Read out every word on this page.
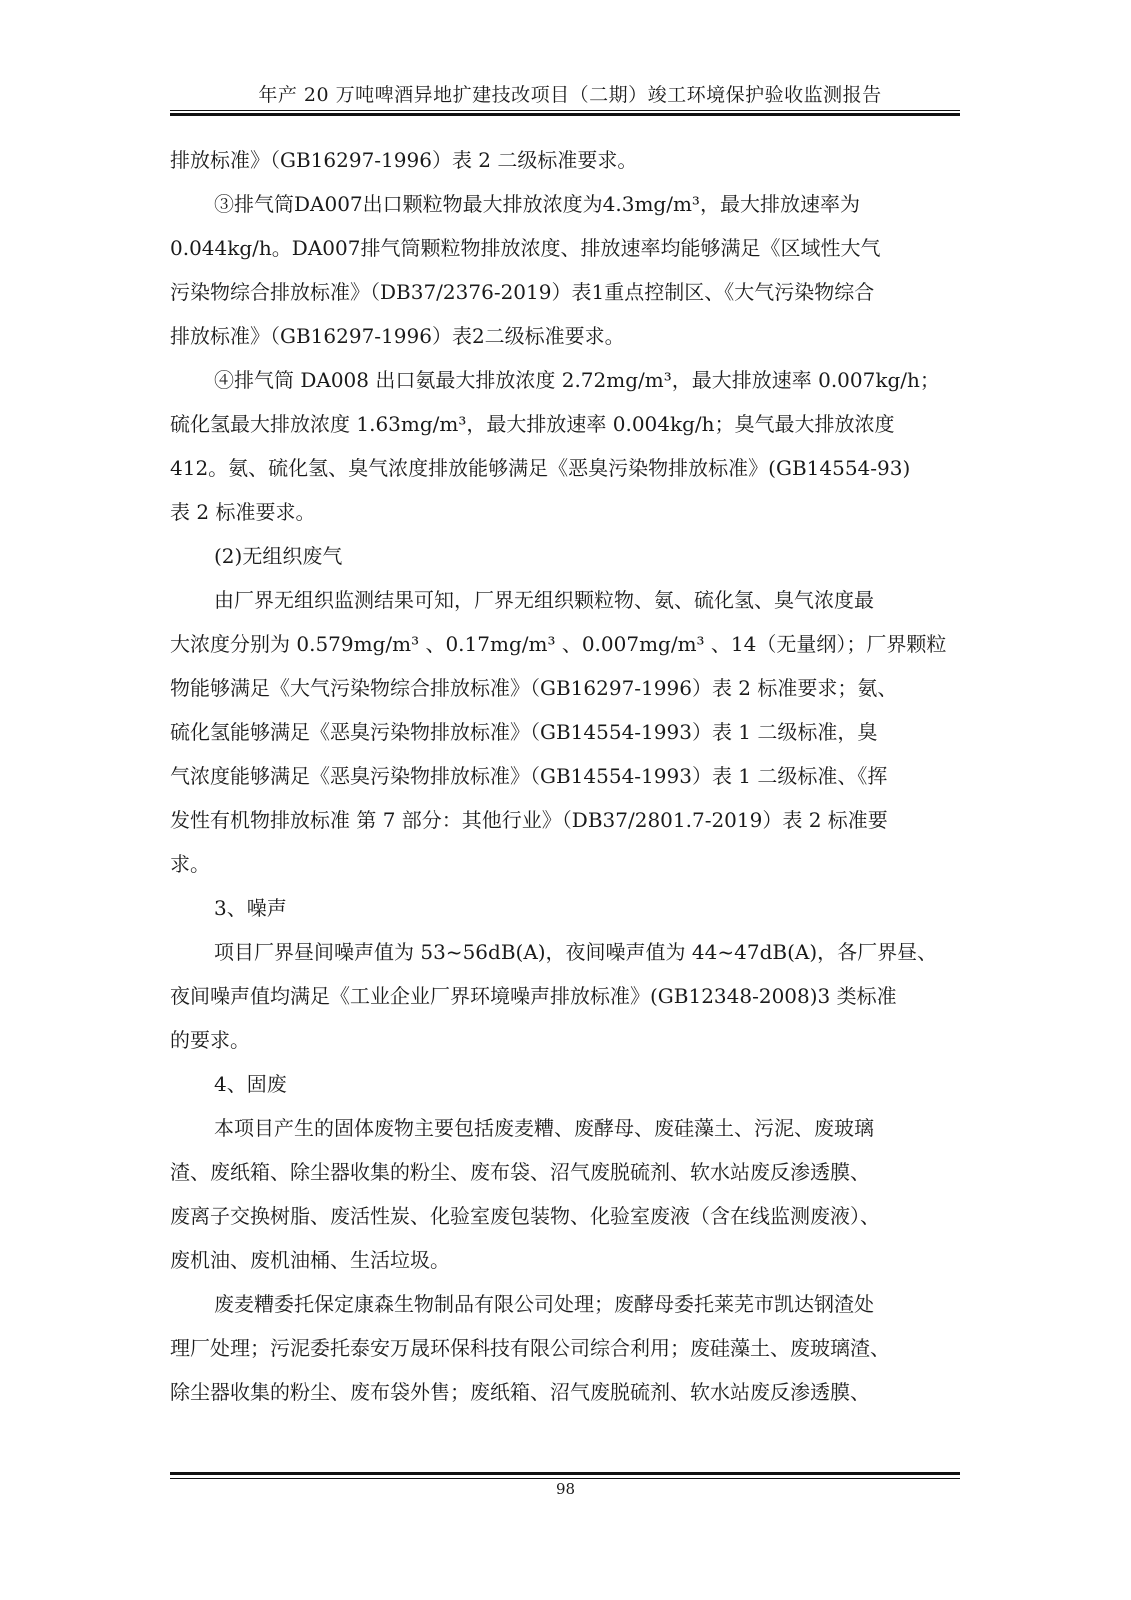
年产 20 万吨啤酒异地扩建技改项目（二期）竣工环境保护验收监测报告
排放标准》（GB16297-1996）表 2 二级标准要求。
③排气筒DA007出口颗粒物最大排放浓度为4.3mg/m³，最大排放速率为
0.044kg/h。DA007排气筒颗粒物排放浓度、排放速率均能够满足《区域性大气
污染物综合排放标准》（DB37/2376-2019）表1重点控制区、《大气污染物综合
排放标准》（GB16297-1996）表2二级标准要求。
④排气筒 DA008 出口氨最大排放浓度 2.72mg/m³，最大排放速率 0.007kg/h；
硫化氢最大排放浓度 1.63mg/m³，最大排放速率 0.004kg/h；臭气最大排放浓度
412。氨、硫化氢、臭气浓度排放能够满足《恶臭污染物排放标准》(GB14554-93)
表 2 标准要求。
(2)无组织废气
由厂界无组织监测结果可知，厂界无组织颗粒物、氨、硫化氢、臭气浓度最
大浓度分别为 0.579mg/m³ 、0.17mg/m³ 、0.007mg/m³ 、14（无量纲）；厂界颗粒
物能够满足《大气污染物综合排放标准》（GB16297-1996）表 2 标准要求；氨、
硫化氢能够满足《恶臭污染物排放标准》（GB14554-1993）表 1 二级标准，臭
气浓度能够满足《恶臭污染物排放标准》（GB14554-1993）表 1 二级标准、《挥
发性有机物排放标准 第 7 部分：其他行业》（DB37/2801.7-2019）表 2 标准要
求。
3、噪声
项目厂界昼间噪声值为 53~56dB(A)，夜间噪声值为 44~47dB(A)，各厂界昼、
夜间噪声值均满足《工业企业厂界环境噪声排放标准》(GB12348-2008)3 类标准
的要求。
4、固废
本项目产生的固体废物主要包括废麦糟、废酵母、废硅藻土、污泥、废玻璃
渣、废纸箱、除尘器收集的粉尘、废布袋、沼气废脱硫剂、软水站废反渗透膜、
废离子交换树脂、废活性炭、化验室废包装物、化验室废液（含在线监测废液）、
废机油、废机油桶、生活垃圾。
废麦糟委托保定康森生物制品有限公司处理；废酵母委托莱芜市凯达钢渣处
理厂处理；污泥委托泰安万晟环保科技有限公司综合利用；废硅藻土、废玻璃渣、
除尘器收集的粉尘、废布袋外售；废纸箱、沼气废脱硫剂、软水站废反渗透膜、
98
